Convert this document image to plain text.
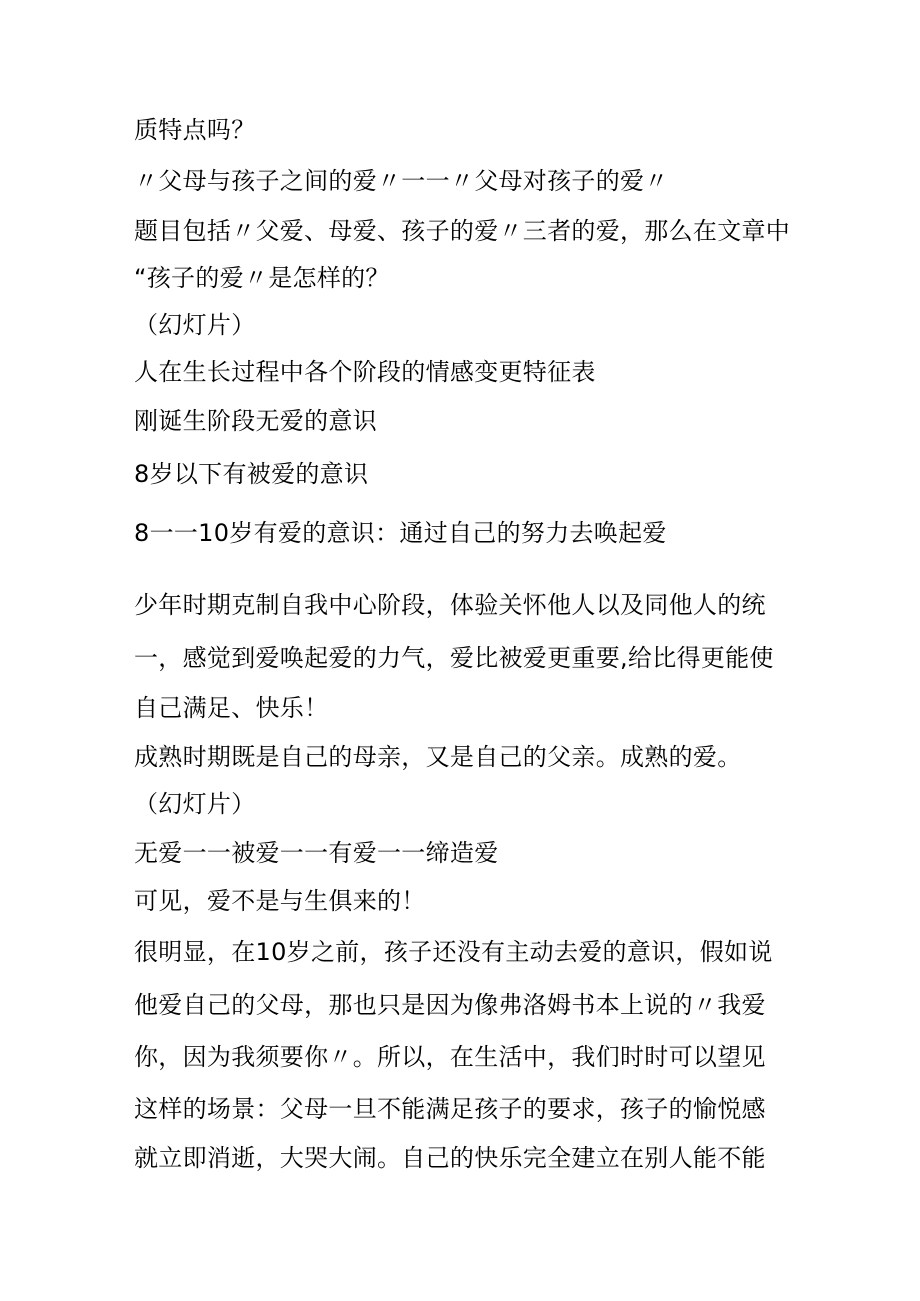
质特点吗？
〃父母与孩子之间的爱〃一一〃父母对孩子的爱〃
题目包括〃父爱、母爱、孩子的爱〃三者的爱，那么在文章中
“孩子的爱〃是怎样的？
（幻灯片）
人在生长过程中各个阶段的情感变更特征表
刚诞生阶段无爱的意识
8岁以下有被爱的意识
8一一10岁有爱的意识：通过自己的努力去唤起爱
少年时期克制自我中心阶段，体验关怀他人以及同他人的统
一，感觉到爱唤起爱的力气，爱比被爱更重要,给比得更能使
自己满足、快乐！
成熟时期既是自己的母亲，又是自己的父亲。成熟的爱。
（幻灯片）
无爱一一被爱一一有爱一一缔造爱
可见，爱不是与生俱来的！
很明显，在10岁之前，孩子还没有主动去爱的意识，假如说
他爱自己的父母，那也只是因为像弗洛姆书本上说的〃我爱
你，因为我须要你〃。所以，在生活中，我们时时可以望见
这样的场景：父母一旦不能满足孩子的要求，孩子的愉悦感
就立即消逝，大哭大闹。自己的快乐完全建立在别人能不能
